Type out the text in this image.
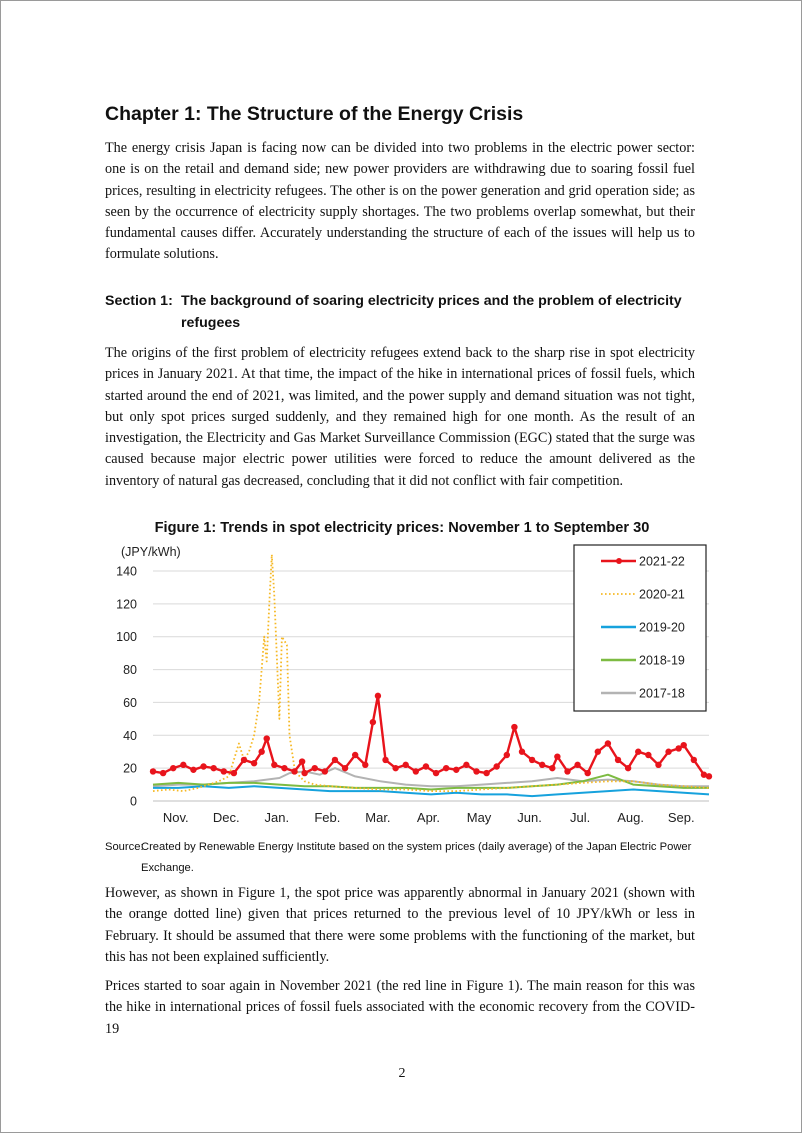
Chapter 1: The Structure of the Energy Crisis
The energy crisis Japan is facing now can be divided into two problems in the electric power sector: one is on the retail and demand side; new power providers are withdrawing due to soaring fossil fuel prices, resulting in electricity refugees. The other is on the power generation and grid operation side; as seen by the occurrence of electricity supply shortages. The two problems overlap somewhat, but their fundamental causes differ. Accurately understanding the structure of each of the issues will help us to formulate solutions.
Section 1: The background of soaring electricity prices and the problem of electricity refugees
The origins of the first problem of electricity refugees extend back to the sharp rise in spot electricity prices in January 2021. At that time, the impact of the hike in international prices of fossil fuels, which started around the end of 2021, was limited, and the power supply and demand situation was not tight, but only spot prices surged suddenly, and they remained high for one month. As the result of an investigation, the Electricity and Gas Market Surveillance Commission (EGC) stated that the surge was caused because major electric power utilities were forced to reduce the amount delivered as the inventory of natural gas decreased, concluding that it did not conflict with fair competition.
Figure 1: Trends in spot electricity prices: November 1 to September 30
0
20
40
60
80
100
120
140
(JPY/kWh)
Nov. Dec. Jan. Feb. Mar. Apr. May Jun. Jul. Aug. Sep.
2021-22
2020-21
2019-20
2018-19
2017-18
Source:
Created by Renewable Energy Institute based on the system prices (daily average) of the Japan Electric Power Exchange.
However, as shown in Figure 1, the spot price was apparently abnormal in January 2021 (shown with the orange dotted line) given that prices returned to the previous level of 10 JPY/kWh or less in February. It should be assumed that there were some problems with the functioning of the market, but this has not been explained sufficiently.
Prices started to soar again in November 2021 (the red line in Figure 1). The main reason for this was the hike in international prices of fossil fuels associated with the economic recovery from the COVID-19
2
